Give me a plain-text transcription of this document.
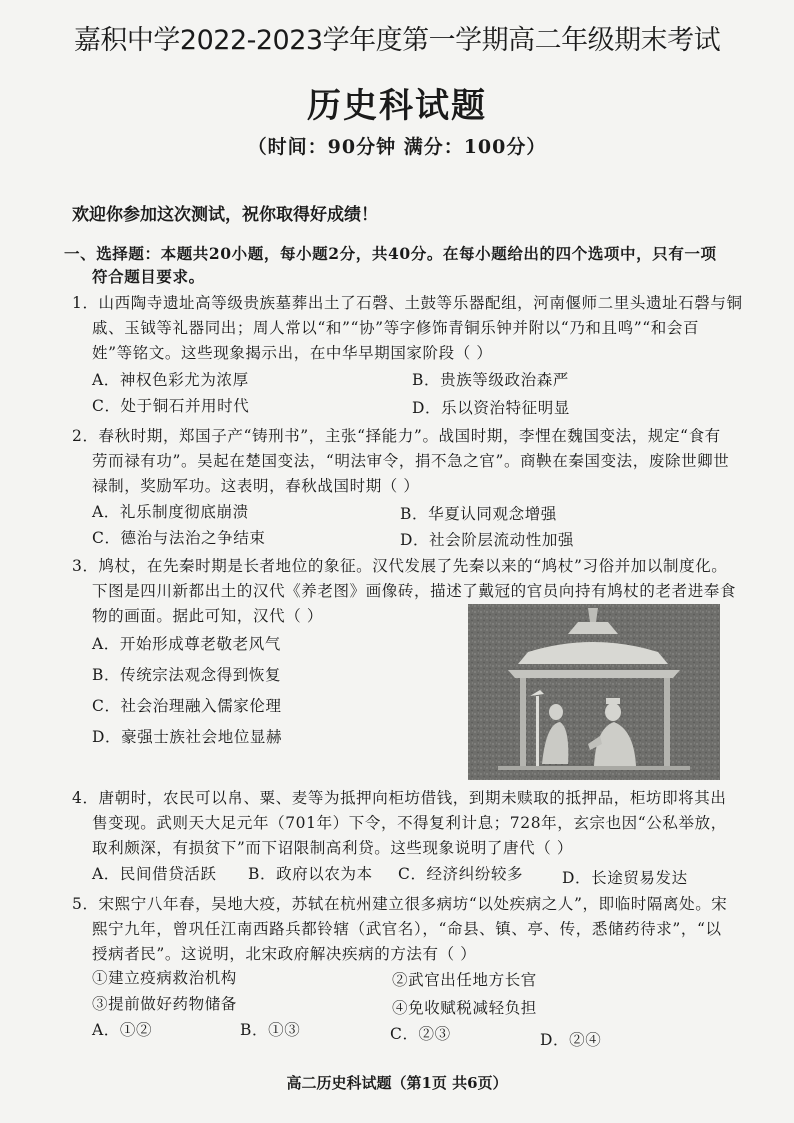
嘉积中学2022-2023学年度第一学期高二年级期末考试
历史科试题
（时间：90分钟 满分：100分）
欢迎你参加这次测试，祝你取得好成绩！
一、选择题：本题共20小题，每小题2分，共40分。在每小题给出的四个选项中，只有一项
符合题目要求。
1．山西陶寺遗址高等级贵族墓葬出土了石磬、土鼓等乐器配组，河南偃师二里头遗址石磬与铜
戚、玉钺等礼器同出；周人常以“和”“协”等字修饰青铜乐钟并附以“乃和且鸣”“和会百
姓”等铭文。这些现象揭示出，在中华早期国家阶段（ ）
A．神权色彩尤为浓厚	B．贵族等级政治森严
C．处于铜石并用时代	D．乐以资治特征明显
2．春秋时期，郑国子产“铸刑书”，主张“择能力”。战国时期，李悝在魏国变法，规定“食有
劳而禄有功”。吴起在楚国变法，“明法审令，捐不急之官”。商鞅在秦国变法，废除世卿世
禄制，奖励军功。这表明，春秋战国时期（ ）
A．礼乐制度彻底崩溃	B．华夏认同观念增强
C．德治与法治之争结束	D．社会阶层流动性加强
3．鸠杖，在先秦时期是长者地位的象征。汉代发展了先秦以来的“鸠杖”习俗并加以制度化。
下图是四川新都出土的汉代《养老图》画像砖，描述了戴冠的官员向持有鸠杖的老者进奉食
物的画面。据此可知，汉代（ ）
A．开始形成尊老敬老风气
B．传统宗法观念得到恢复
C．社会治理融入儒家伦理
D．豪强士族社会地位显赫
4．唐朝时，农民可以帛、粟、麦等为抵押向柜坊借钱，到期未赎取的抵押品，柜坊即将其出
售变现。武则天大足元年（701年）下令，不得复利计息；728年，玄宗也因“公私举放，
取利颇深，有损贫下”而下诏限制高利贷。这些现象说明了唐代（ ）
A．民间借贷活跃 B．政府以农为本 C．经济纠纷较多	D．长途贸易发达
5．宋熙宁八年春，吴地大疫，苏轼在杭州建立很多病坊“以处疾病之人”，即临时隔离处。宋
熙宁九年，曾巩任江南西路兵都铃辖（武官名），“命县、镇、亭、传，悉储药待求”，“以
授病者民”。这说明，北宋政府解决疾病的方法有（ ）
①建立疫病救治机构	②武官出任地方长官
③提前做好药物储备	④免收赋税减轻负担
A．①②	B．①③	C．②③	D．②④
高二历史科试题（第1页 共6页）
